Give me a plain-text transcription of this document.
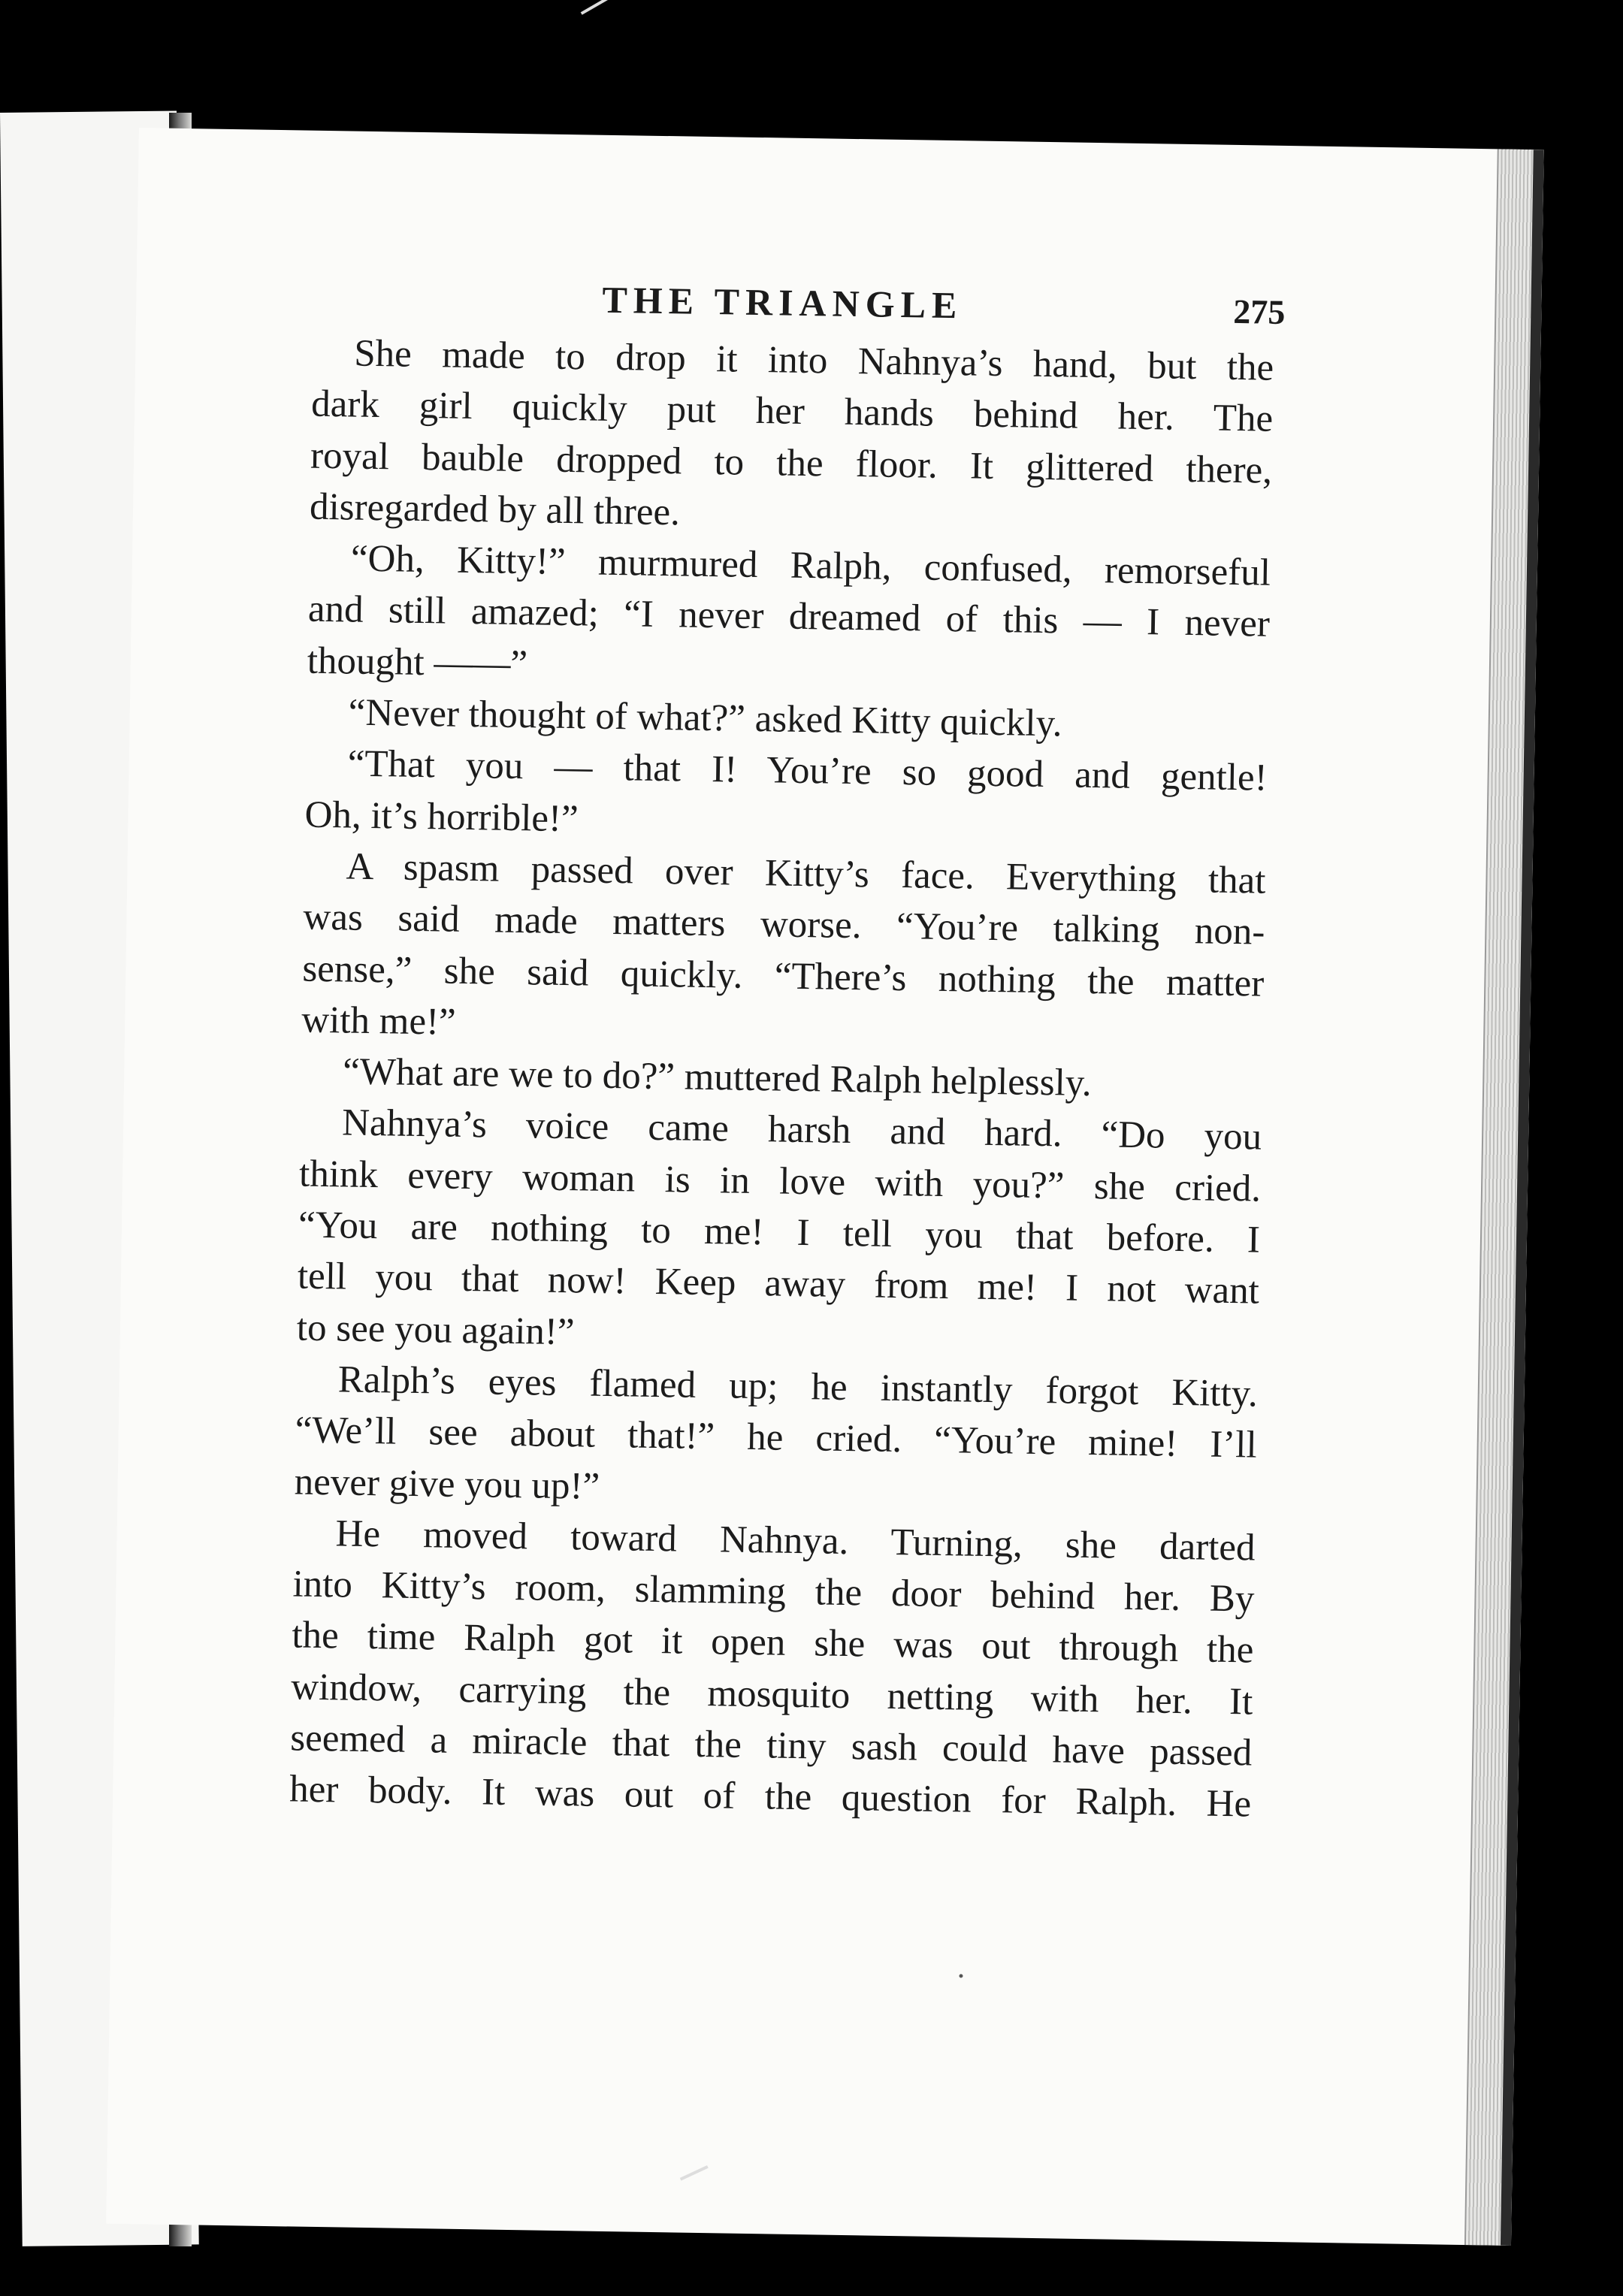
THE TRIANGLE	275
She made to drop it into Nahnya’s hand, but the
dark girl quickly put her hands behind her. The
royal bauble dropped to the floor. It glittered there,
disregarded by all three.
“Oh, Kitty!” murmured Ralph, confused, remorseful
and still amazed; “I never dreamed of this — I never
thought ——”
“Never thought of what?” asked Kitty quickly.
“That you — that I! You’re so good and gentle!
Oh, it’s horrible!”
A spasm passed over Kitty’s face. Everything that
was said made matters worse. “You’re talking non-
sense,” she said quickly. “There’s nothing the matter
with me!”
“What are we to do?” muttered Ralph helplessly.
Nahnya’s voice came harsh and hard. “Do you
think every woman is in love with you?” she cried.
“You are nothing to me! I tell you that before. I
tell you that now! Keep away from me! I not want
to see you again!”
Ralph’s eyes flamed up; he instantly forgot Kitty.
“We’ll see about that!” he cried. “You’re mine! I’ll
never give you up!”
He moved toward Nahnya. Turning, she darted
into Kitty’s room, slamming the door behind her. By
the time Ralph got it open she was out through the
window, carrying the mosquito netting with her. It
seemed a miracle that the tiny sash could have passed
her body. It was out of the question for Ralph. He
